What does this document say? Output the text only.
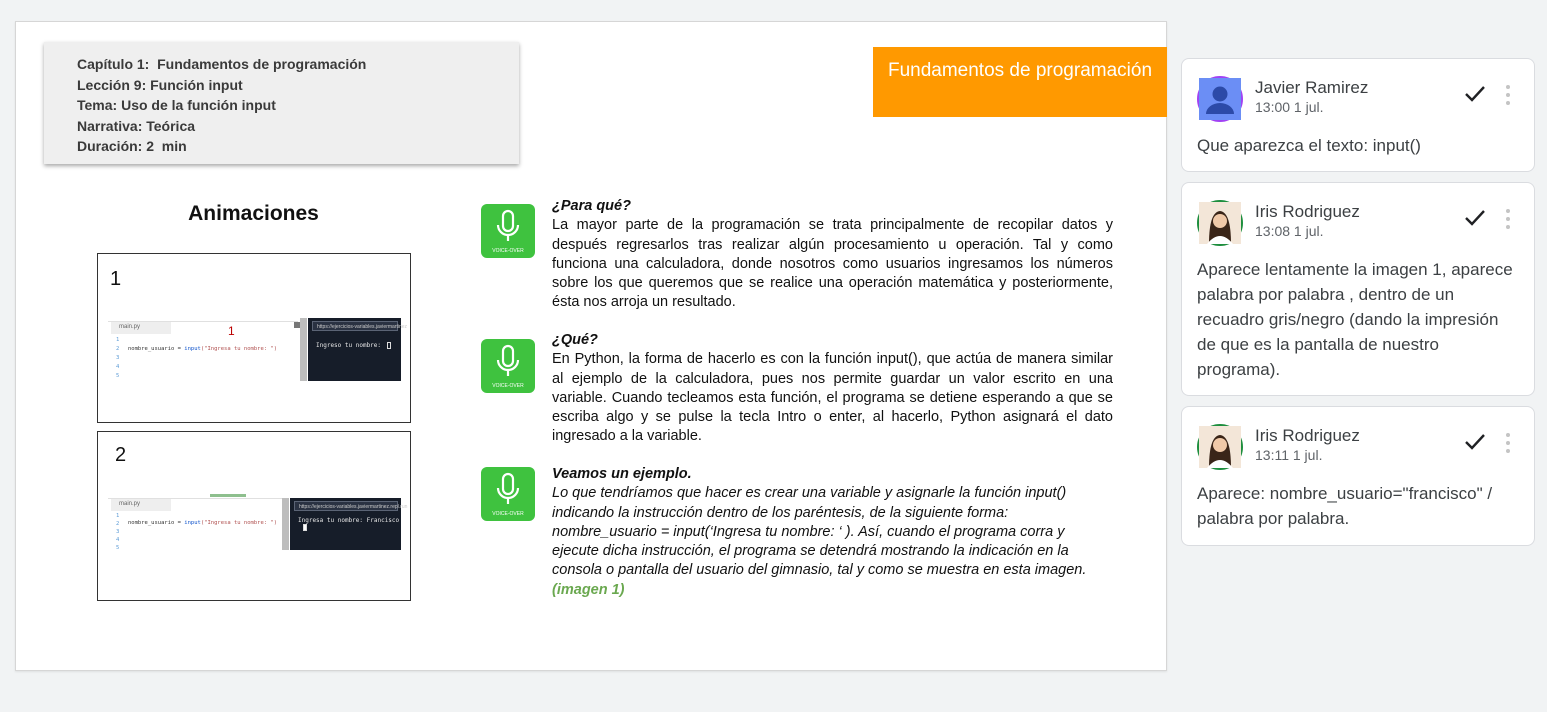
Capítulo 1:  Fundamentos de programación
Lección 9: Función input
Tema: Uso de la función input
Narrativa: Teórica
Duración: 2  min
Fundamentos de programación
Animaciones
1
main.py
1
2
3
4
5
nombre_usuario = input("Ingresa tu nombre: ")
1	https://ejercicios-variables.javiermartinez
Ingreso tu nombre:
2
main.py
1
2
3
4
5
nombre_usuario = input("Ingresa tu nombre: ")
https://ejercicios-variables.javiermartinez.repl.run
Ingresa tu nombre: Francisco

VOICE-OVER
VOICE-OVER
VOICE-OVER
¿Para qué?
La mayor parte de la programación se trata principalmente de recopilar datos y después regresarlos tras realizar algún procesamiento u operación. Tal y como funciona una calculadora, donde nosotros como usuarios ingresamos los números sobre los que queremos que se realice una operación matemática y posteriormente, ésta nos arroja un resultado.
¿Qué?
En Python, la forma de hacerlo es con la función input(), que actúa de manera similar al ejemplo de la calculadora, pues nos permite guardar un valor escrito en una variable. Cuando tecleamos esta función, el programa se detiene esperando a que se escriba algo y se pulse la tecla Intro o enter, al hacerlo, Python asignará el dato ingresado a la variable.
Veamos un ejemplo.
Lo que tendríamos que hacer es crear una variable y asignarle la función input() indicando la instrucción dentro de los paréntesis, de la siguiente forma: nombre_usuario = input(‘Ingresa tu nombre: ‘ ). Así, cuando el programa corra y ejecute dicha instrucción, el programa se detendrá mostrando la indicación en la consola o pantalla del usuario del gimnasio, tal y como se muestra en esta imagen. (imagen 1)
Javier Ramirez
13:00 1 jul.
Que aparezca el texto: input()
Iris Rodriguez
13:08 1 jul.
Aparece lentamente la imagen 1, aparece palabra por palabra , dentro de un recuadro gris/negro (dando la impresión de que es la pantalla de nuestro programa).
Iris Rodriguez
13:11 1 jul.
Aparece: nombre_usuario="francisco" / palabra por palabra.
